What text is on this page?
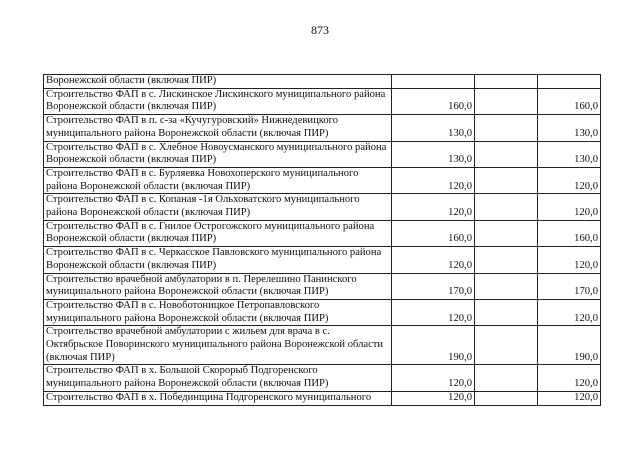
873
Воронежской области (включая ПИР)			
Строительство ФАП в с. Лискинское Лискинского муниципального района Воронежской области (включая ПИР)	160,0		160,0
Строительство ФАП в п. с-за «Кучугуровский» Нижнедевицкого муниципального района Воронежской области (включая ПИР)	130,0		130,0
Строительство ФАП в с. Хлебное Новоусманского муниципального района Воронежской области (включая ПИР)	130,0		130,0
Строительство ФАП в с. Бурляевка Новохоперского муниципального района Воронежской области (включая ПИР)	120,0		120,0
Строительство ФАП в с. Копаная -1я Ольховатского муниципального района Воронежской области (включая ПИР)	120,0		120,0
Строительство ФАП в с. Гнилое Острогожского муниципального района Воронежской области (включая ПИР)	160,0		160,0
Строительство ФАП в с. Черкасское Павловского муниципального района Воронежской области (включая ПИР)	120,0		120,0
Строительство врачебной амбулатории в п. Перелешино Панинского муниципального района Воронежской области (включая ПИР)	170,0		170,0
Строительство ФАП в с. Новоботоницкое Петропавловского муниципального района Воронежской области (включая ПИР)	120,0		120,0
Строительство врачебной амбулатории с жильем для врача в с. Октябрьское Поворинского муниципального района Воронежской области (включая ПИР)	190,0		190,0
Строительство ФАП в х. Большой Скорорыб Подгоренского муниципального района Воронежской области (включая ПИР)	120,0		120,0
Строительство ФАП в х. Побединщина Подгоренского муниципального	120,0		120,0
